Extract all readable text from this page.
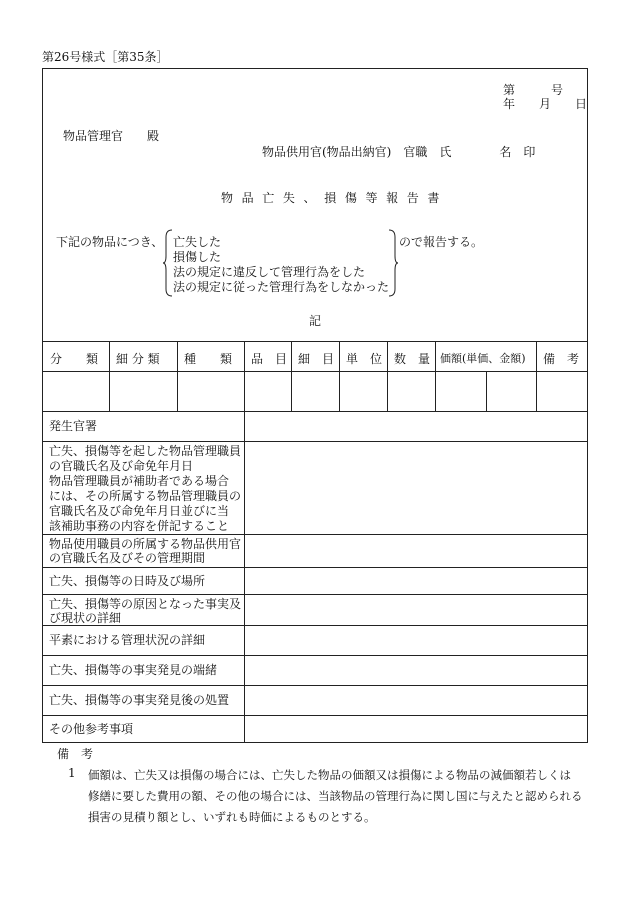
第26号様式［第35条］
第　　　号
年　　月　　日
物品管理官　　殿
物品供用官(物品出納官)　官職　氏　　　　名　印
物品亡失、損傷等報告書
下記の物品につき、 亡失した
損傷した
法の規定に違反して管理行為をした
法の規定に従った管理行為をしなかった
ので報告する。
記
分　　類 細 分 類 種　　類 品　目 細　目 単　位 数　量 価額(単価、金額) 備　考
発生官署
亡失、損傷等を起した物品管理職員
の官職氏名及び命免年月日
物品管理職員が補助者である場合
には、その所属する物品管理職員の
官職氏名及び命免年月日並びに当
該補助事務の内容を併記すること
物品使用職員の所属する物品供用官
の官職氏名及びその管理期間
亡失、損傷等の日時及び場所
亡失、損傷等の原因となった事実及
び現状の詳細
平素における管理状況の詳細
亡失、損傷等の事実発見の端緒
亡失、損傷等の事実発見後の処置
その他参考事項
備　考
1 価額は、亡失又は損傷の場合には、亡失した物品の価額又は損傷による物品の減価額若しくは
修繕に要した費用の額、その他の場合には、当該物品の管理行為に関し国に与えたと認められる
損害の見積り額とし、いずれも時価によるものとする。
